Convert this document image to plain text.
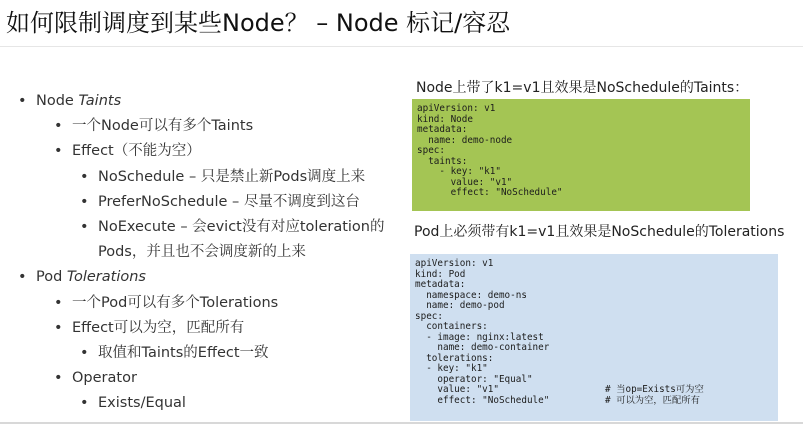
如何限制调度到某些Node？ – Node 标记/容忍
• Node Taints
• 一个Node可以有多个Taints
• Effect（不能为空）
• NoSchedule – 只是禁止新Pods调度上来
• PreferNoSchedule – 尽量不调度到这台
• NoExecute – 会evict没有对应toleration的
Pods，并且也不会调度新的上来
• Pod Tolerations
• 一个Pod可以有多个Tolerations
• Effect可以为空，匹配所有
• 取值和Taints的Effect一致
• Operator
• Exists/Equal
Node上带了k1=v1且效果是NoSchedule的Taints：
apiVersion: v1
kind: Node
metadata:
name: demo-node
spec:
taints:
- key: "k1"
value: "v1"
effect: "NoSchedule"
Pod上必须带有k1=v1且效果是NoSchedule的Tolerations
apiVersion: v1
kind: Pod
metadata:
namespace: demo-ns
name: demo-pod
spec:
containers:
- image: nginx:latest
name: demo-container
tolerations:
- key: "k1"
operator: "Equal"
value: "v1"	# 当op=Exists可为空
effect: "NoSchedule"	# 可以为空，匹配所有
